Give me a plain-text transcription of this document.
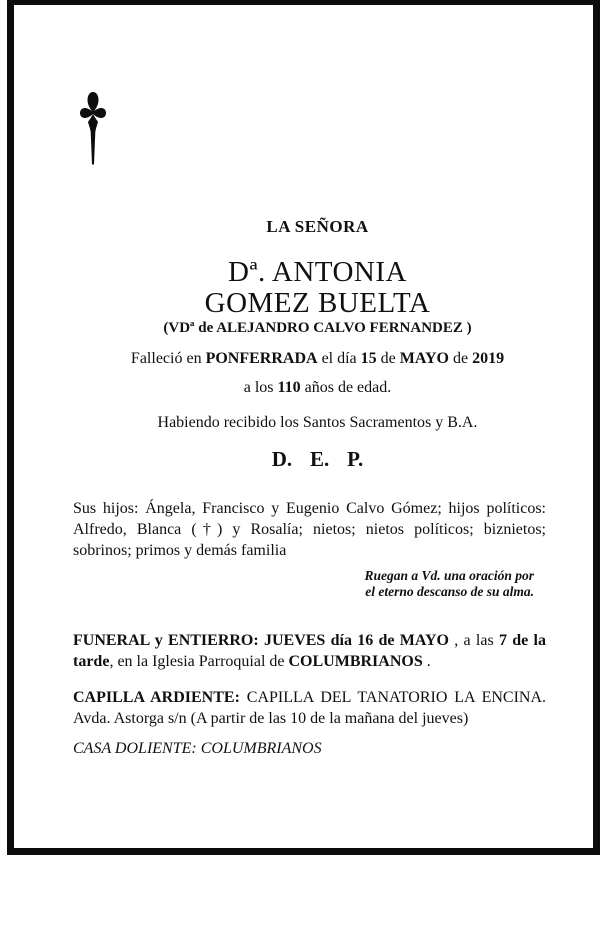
LA SEÑORA
Dª. ANTONIA
GOMEZ BUELTA
(VDª de ALEJANDRO CALVO FERNANDEZ )
Falleció en PONFERRADA el día 15 de MAYO de 2019
a los 110 años de edad.
Habiendo recibido los Santos Sacramentos y B.A.
D. E. P.

Sus hijos: Ángela, Francisco y Eugenio Calvo Gómez; hijos políticos: Alfredo, Blanca (†) y Rosalía; nietos; nietos políticos; biznietos; sobrinos; primos y demás familia

Ruegan a Vd. una oración por
el eterno descanso de su alma.

FUNERAL y ENTIERRO: JUEVES día 16 de MAYO , a las 7 de la tarde, en la Iglesia Parroquial de COLUMBRIANOS .

CAPILLA ARDIENTE: CAPILLA DEL TANATORIO LA ENCINA. Avda. Astorga s/n (A partir de las 10 de la mañana del jueves)

CASA DOLIENTE: COLUMBRIANOS
